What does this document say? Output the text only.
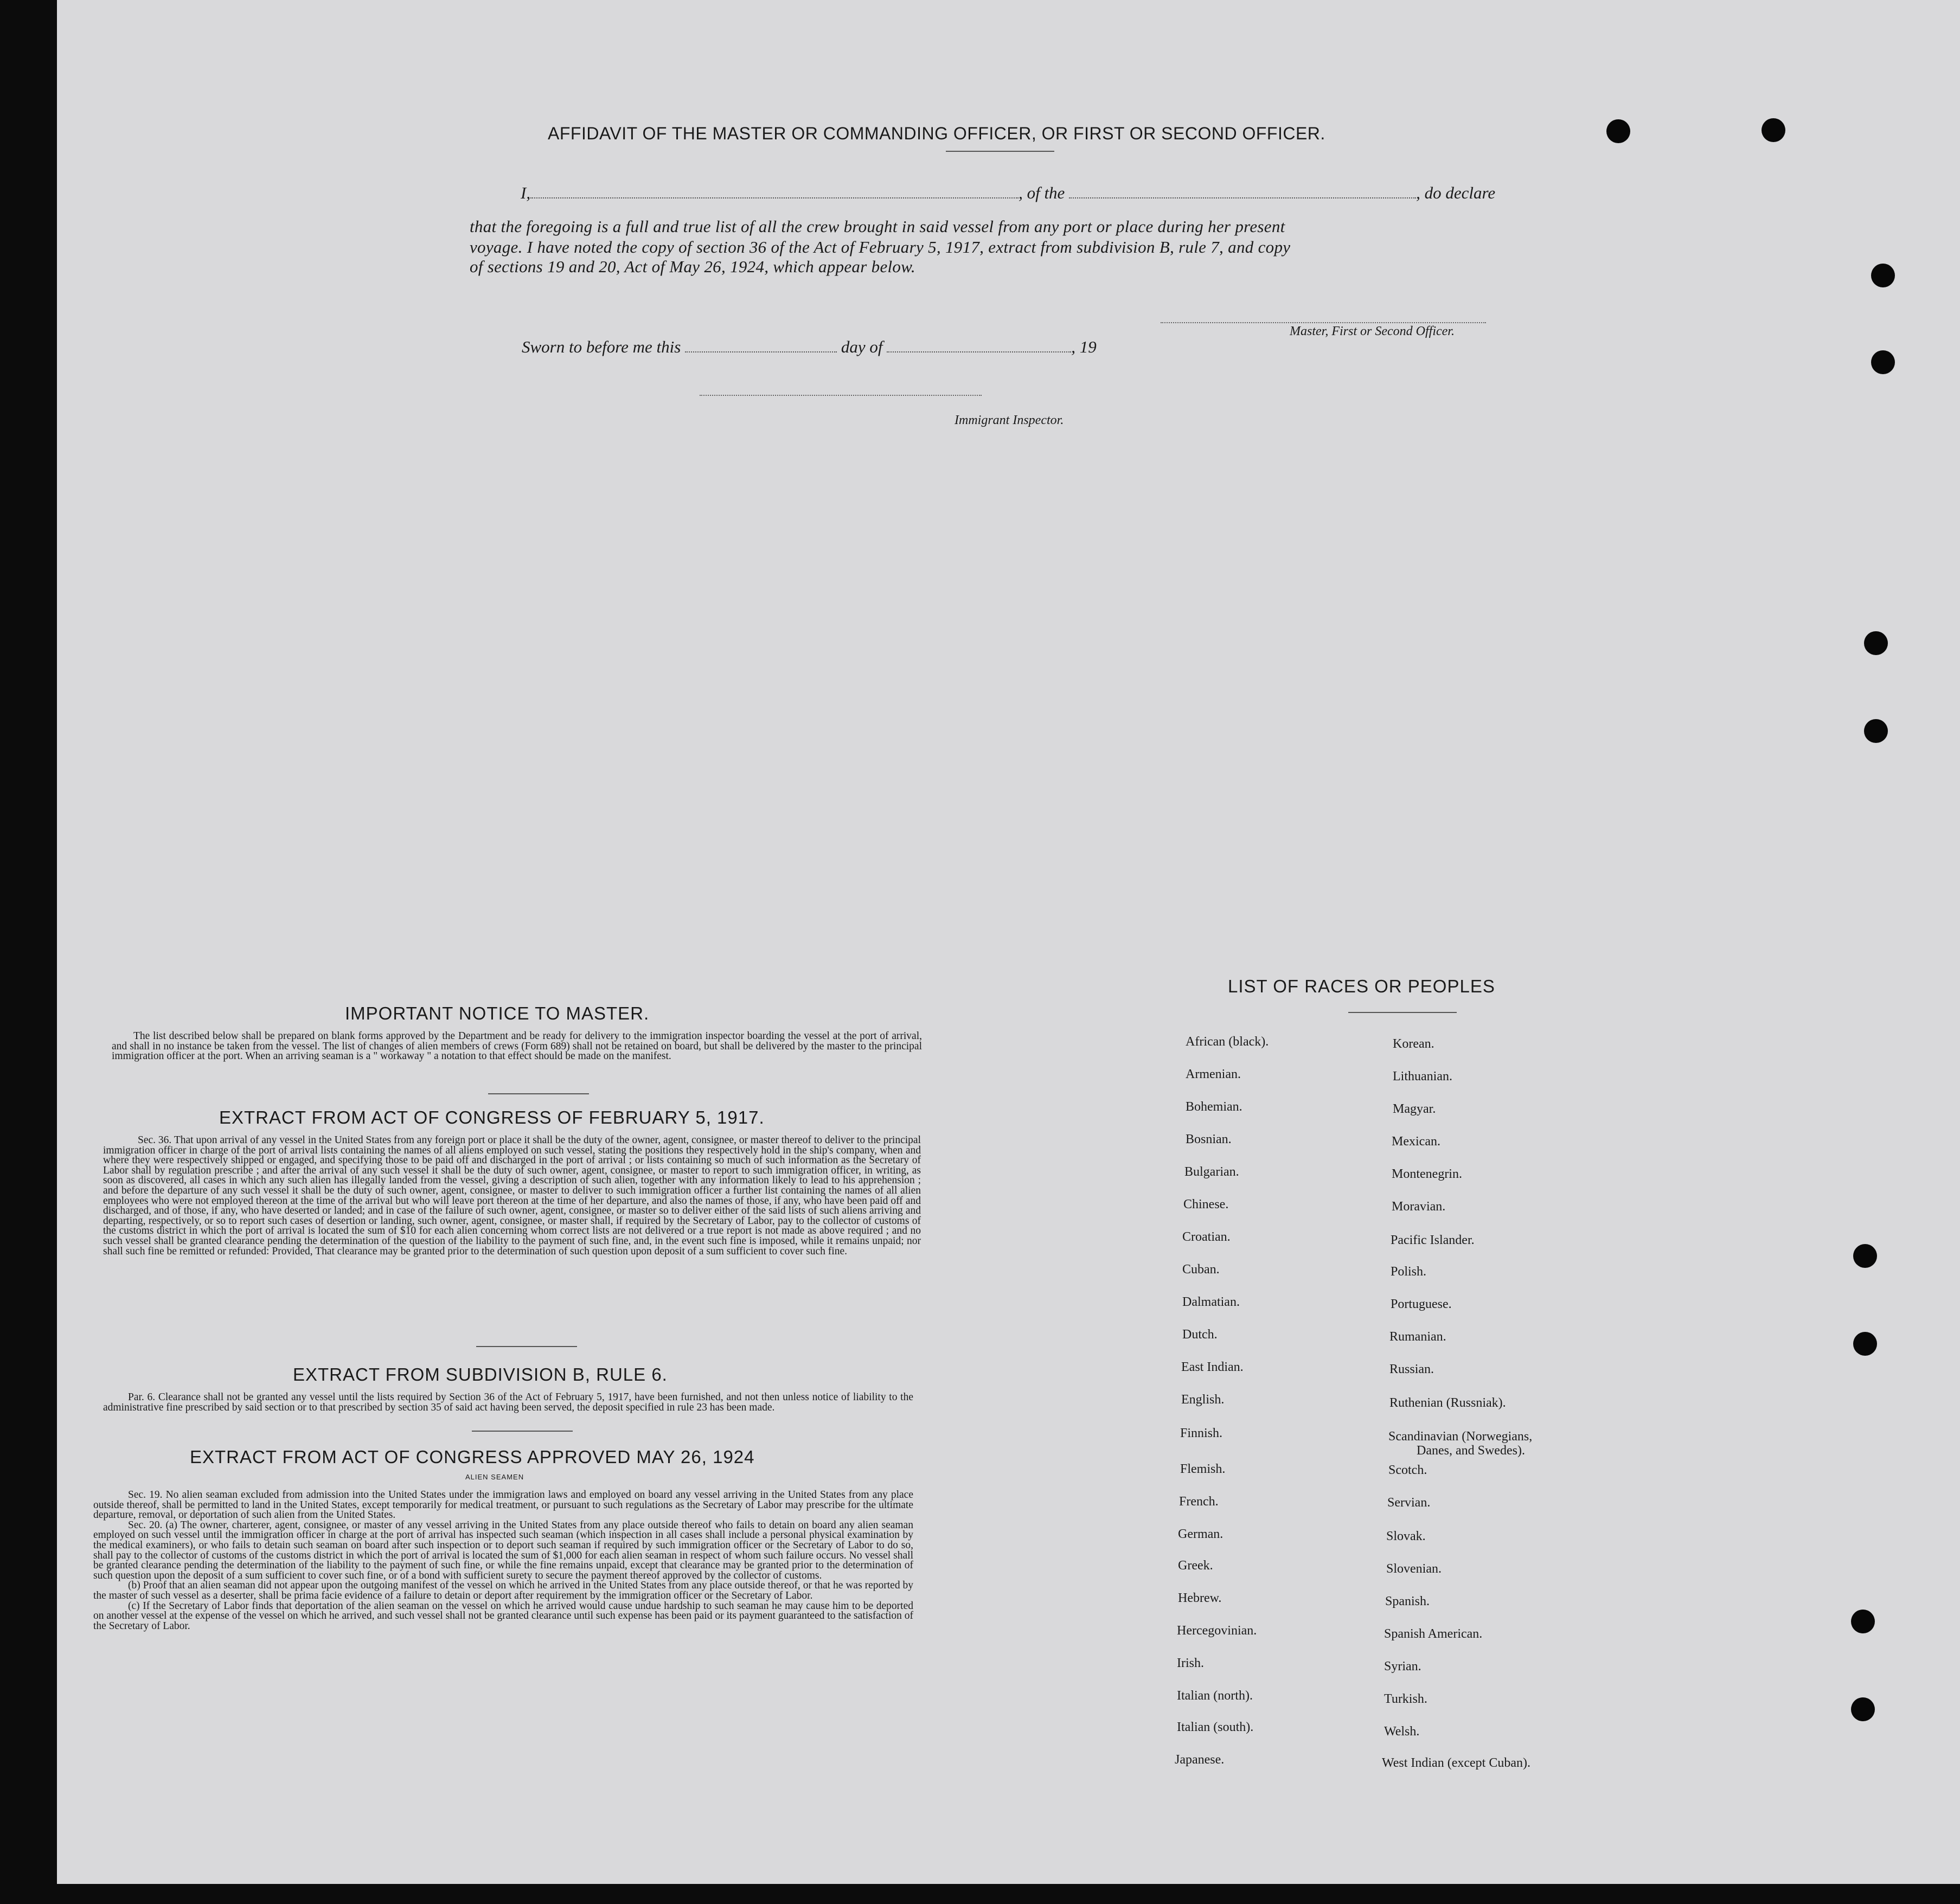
AFFIDAVIT OF THE MASTER OR COMMANDING OFFICER, OR FIRST OR SECOND OFFICER.
I,	, of the	, do declare
that the foregoing is a full and true list of all the crew brought in said vessel from any port or place during her present
voyage. I have noted the copy of section 36 of the Act of February 5, 1917, extract from subdivision B, rule 7, and copy
of sections 19 and 20, Act of May 26, 1924, which appear below.
Master, First or Second Officer.
Sworn to before me this	day of	, 19
Immigrant Inspector.
IMPORTANT NOTICE TO MASTER.
The list described below shall be prepared on blank forms approved by the Department and be ready for delivery to the immigration inspector boarding the vessel at the port of arrival, and shall in no instance be taken from the vessel. The list of changes of alien members of crews (Form 689) shall not be retained on board, but shall be delivered by the master to the principal immigration officer at the port. When an arriving seaman is a " workaway " a notation to that effect should be made on the manifest.
EXTRACT FROM ACT OF CONGRESS OF FEBRUARY 5, 1917.
Sec. 36. That upon arrival of any vessel in the United States from any foreign port or place it shall be the duty of the owner, agent, consignee, or master thereof to deliver to the principal immigration officer in charge of the port of arrival lists containing the names of all aliens employed on such vessel, stating the positions they respectively hold in the ship's company, when and where they were respectively shipped or engaged, and specifying those to be paid off and discharged in the port of arrival ; or lists containing so much of such information as the Secretary of Labor shall by regulation prescribe ; and after the arrival of any such vessel it shall be the duty of such owner, agent, consignee, or master to report to such immigration officer, in writing, as soon as discovered, all cases in which any such alien has illegally landed from the vessel, giving a description of such alien, together with any information likely to lead to his apprehension ; and before the departure of any such vessel it shall be the duty of such owner, agent, consignee, or master to deliver to such immigration officer a further list containing the names of all alien employees who were not employed thereon at the time of the arrival but who will leave port thereon at the time of her departure, and also the names of those, if any, who have been paid off and discharged, and of those, if any, who have deserted or landed; and in case of the failure of such owner, agent, consignee, or master so to deliver either of the said lists of such aliens arriving and departing, respectively, or so to report such cases of desertion or landing, such owner, agent, consignee, or master shall, if required by the Secretary of Labor, pay to the collector of customs of the customs district in which the port of arrival is located the sum of $10 for each alien concerning whom correct lists are not delivered or a true report is not made as above required ; and no such vessel shall be granted clearance pending the determination of the question of the liability to the payment of such fine, and, in the event such fine is imposed, while it remains unpaid; nor shall such fine be remitted or refunded: Provided, That clearance may be granted prior to the determination of such question upon deposit of a sum sufficient to cover such fine.
EXTRACT FROM SUBDIVISION B, RULE 6.
Par. 6. Clearance shall not be granted any vessel until the lists required by Section 36 of the Act of February 5, 1917, have been furnished, and not then unless notice of liability to the administrative fine prescribed by said section or to that prescribed by section 35 of said act having been served, the deposit specified in rule 23 has been made.
EXTRACT FROM ACT OF CONGRESS APPROVED MAY 26, 1924
ALIEN SEAMEN

Sec. 19. No alien seaman excluded from admission into the United States under the immigration laws and employed on board any vessel arriving in the United States from any place outside thereof, shall be permitted to land in the United States, except temporarily for medical treatment, or pursuant to such regulations as the Secretary of Labor may prescribe for the ultimate departure, removal, or deportation of such alien from the United States.

Sec. 20. (a) The owner, charterer, agent, consignee, or master of any vessel arriving in the United States from any place outside thereof who fails to detain on board any alien seaman employed on such vessel until the immigration officer in charge at the port of arrival has inspected such seaman (which inspection in all cases shall include a personal physical examination by the medical examiners), or who fails to detain such seaman on board after such inspection or to deport such seaman if required by such immigration officer or the Secretary of Labor to do so, shall pay to the collector of customs of the customs district in which the port of arrival is located the sum of $1,000 for each alien seaman in respect of whom such failure occurs. No vessel shall be granted clearance pending the determination of the liability to the payment of such fine, or while the fine remains unpaid, except that clearance may be granted prior to the determination of such question upon the deposit of a sum sufficient to cover such fine, or of a bond with sufficient surety to secure the payment thereof approved by the collector of customs.

(b) Proof that an alien seaman did not appear upon the outgoing manifest of the vessel on which he arrived in the United States from any place outside thereof, or that he was reported by the master of such vessel as a deserter, shall be prima facie evidence of a failure to detain or deport after requirement by the immigration officer or the Secretary of Labor.

(c) If the Secretary of Labor finds that deportation of the alien seaman on the vessel on which he arrived would cause undue hardship to such seaman he may cause him to be deported on another vessel at the expense of the vessel on which he arrived, and such vessel shall not be granted clearance until such expense has been paid or its payment guaranteed to the satisfaction of the Secretary of Labor.

LIST OF RACES OR PEOPLES
African (black).
Armenian.
Bohemian.
Bosnian.
Bulgarian.
Chinese.
Croatian.
Cuban.
Dalmatian.
Dutch.
East Indian.
English.
Finnish.
Flemish.
French.
German.
Greek.
Hebrew.
Hercegovinian.
Irish.
Italian (north).
Italian (south).
Japanese.
Korean.
Lithuanian.
Magyar.
Mexican.
Montenegrin.
Moravian.
Pacific Islander.
Polish.
Portuguese.
Rumanian.
Russian.
Ruthenian (Russniak).
Scandinavian (Norwegians,
Danes, and Swedes).
Scotch.
Servian.
Slovak.
Slovenian.
Spanish.
Spanish American.
Syrian.
Turkish.
Welsh.
West Indian (except Cuban).
